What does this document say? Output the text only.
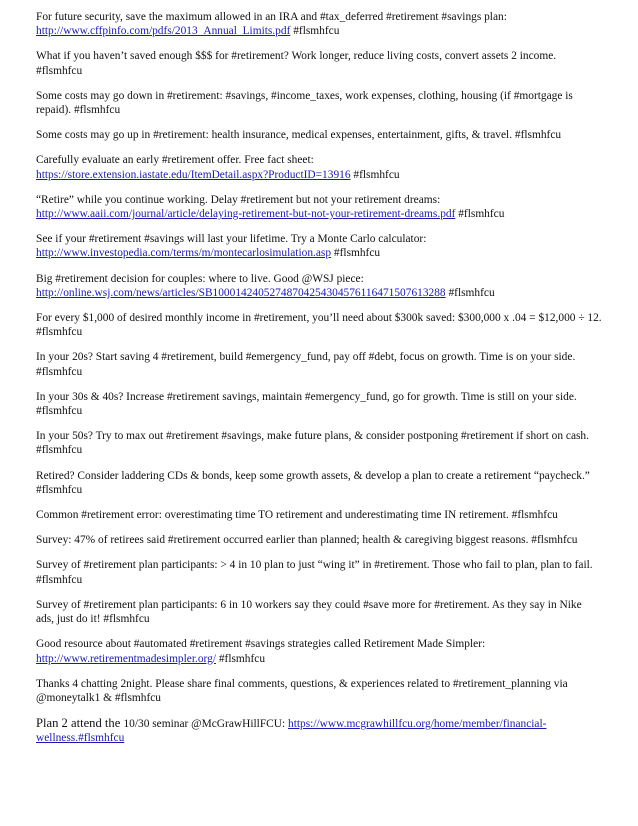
For future security, save the maximum allowed in an IRA and #tax_deferred #retirement #savings plan:
http://www.cffpinfo.com/pdfs/2013_Annual_Limits.pdf #flsmhfcu
What if you haven’t saved enough $$$ for #retirement? Work longer, reduce living costs, convert assets 2 income. #flsmhfcu
Some costs may go down in #retirement: #savings, #income_taxes, work expenses, clothing, housing (if #mortgage is repaid). #flsmhfcu
Some costs may go up in #retirement: health insurance, medical expenses, entertainment, gifts, & travel. #flsmhfcu
Carefully evaluate an early #retirement offer. Free fact sheet:
https://store.extension.iastate.edu/ItemDetail.aspx?ProductID=13916 #flsmhfcu
“Retire” while you continue working. Delay #retirement but not your retirement dreams:
http://www.aaii.com/journal/article/delaying-retirement-but-not-your-retirement-dreams.pdf #flsmhfcu
See if your #retirement #savings will last your lifetime. Try a Monte Carlo calculator:
http://www.investopedia.com/terms/m/montecarlosimulation.asp #flsmhfcu
Big #retirement decision for couples: where to live. Good @WSJ piece:
http://online.wsj.com/news/articles/SB10001424052748704254304576116471507613288 #flsmhfcu
For every $1,000 of desired monthly income in #retirement, you’ll need about $300k saved: $300,000 x .04 = $12,000 ÷ 12. #flsmhfcu
In your 20s? Start saving 4 #retirement, build #emergency_fund, pay off #debt, focus on growth. Time is on your side. #flsmhfcu
In your 30s & 40s? Increase #retirement savings, maintain #emergency_fund, go for growth. Time is still on your side. #flsmhfcu
In your 50s? Try to max out #retirement #savings, make future plans, & consider postponing #retirement if short on cash. #flsmhfcu
Retired? Consider laddering CDs & bonds, keep some growth assets, & develop a plan to create a retirement “paycheck.” #flsmhfcu
Common #retirement error: overestimating time TO retirement and underestimating time IN retirement. #flsmhfcu
Survey: 47% of retirees said #retirement occurred earlier than planned; health & caregiving biggest reasons. #flsmhfcu
Survey of #retirement plan participants: > 4 in 10 plan to just “wing it” in #retirement. Those who fail to plan, plan to fail. #flsmhfcu
Survey of #retirement plan participants: 6 in 10 workers say they could #save more for #retirement. As they say in Nike ads, just do it! #flsmhfcu
Good resource about #automated #retirement #savings strategies called Retirement Made Simpler:
http://www.retirementmadesimpler.org/ #flsmhfcu
Thanks 4 chatting 2night. Please share final comments, questions, & experiences related to #retirement_planning via @moneytalk1 & #flsmhfcu
Plan 2 attend the 10/30 seminar @McGrawHillFCU: https://www.mcgrawhillfcu.org/home/member/financial-wellness.#flsmhfcu
